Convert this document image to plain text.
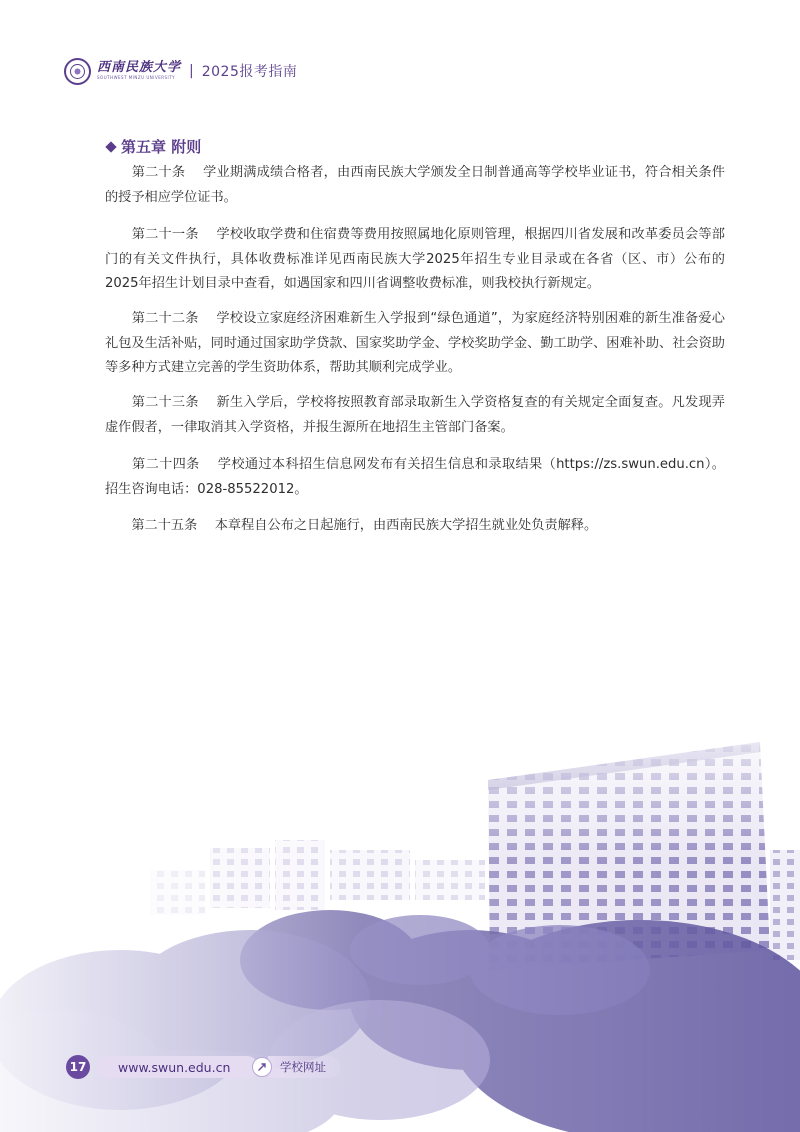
西南民族大学
SOUTHWEST MINZU UNIVERSITY | 2025报考指南
第五章 附则
　　第二十条　 学业期满成绩合格者，由西南民族大学颁发全日制普通高等学校毕业证书，符合相关条件的授予相应学位证书。
　　第二十一条　 学校收取学费和住宿费等费用按照属地化原则管理，根据四川省发展和改革委员会等部门的有关文件执行，具体收费标准详见西南民族大学2025年招生专业目录或在各省（区、市）公布的2025年招生计划目录中查看，如遇国家和四川省调整收费标准，则我校执行新规定。
　　第二十二条　 学校设立家庭经济困难新生入学报到“绿色通道”，为家庭经济特别困难的新生准备爱心礼包及生活补贴，同时通过国家助学贷款、国家奖助学金、学校奖助学金、勤工助学、困难补助、社会资助等多种方式建立完善的学生资助体系，帮助其顺利完成学业。
　　第二十三条　 新生入学后，学校将按照教育部录取新生入学资格复查的有关规定全面复查。凡发现弄虚作假者，一律取消其入学资格，并报生源所在地招生主管部门备案。
　　第二十四条　 学校通过本科招生信息网发布有关招生信息和录取结果（https://zs.swun.edu.cn）。招生咨询电话：028-85522012。
　　第二十五条　 本章程自公布之日起施行，由西南民族大学招生就业处负责解释。
17	www.swun.edu.cn	学校网址
